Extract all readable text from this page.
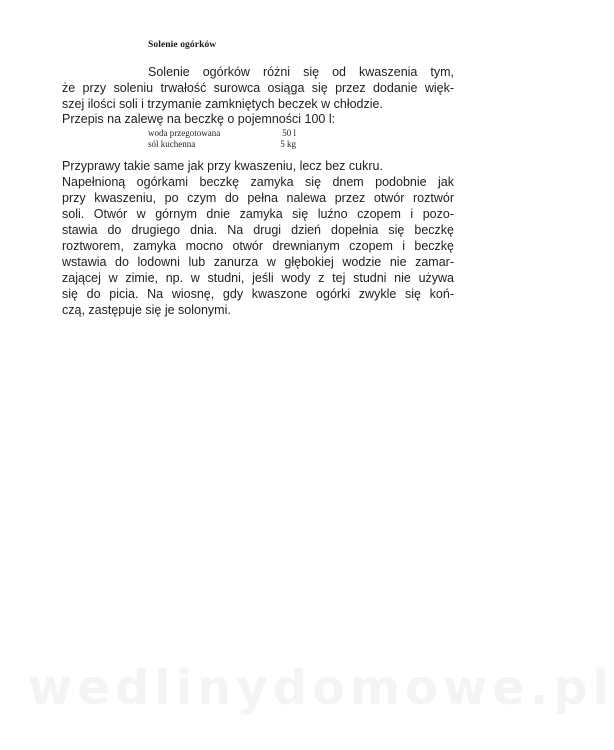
Solenie ogórków
Solenie ogórków różni się od kwaszenia tym,
że przy soleniu trwałość surowca osiąga się przez dodanie więk-
szej ilości soli i trzymanie zamkniętych beczek w chłodzie.
Przepis na zalewę na beczkę o pojemności 100 l:
woda przegotowana	50 l
sól kuchenna	5 kg
Przyprawy takie same jak przy kwaszeniu, lecz bez cukru.
Napełnioną ogórkami beczkę zamyka się dnem podobnie jak
przy kwaszeniu, po czym do pełna nalewa przez otwór roztwór
soli. Otwór w górnym dnie zamyka się luźno czopem i pozo-
stawia do drugiego dnia. Na drugi dzień dopełnia się beczkę
roztworem, zamyka mocno otwór drewnianym czopem i beczkę
wstawia do lodowni lub zanurza w głębokiej wodzie nie zamar-
zającej w zimie, np. w studni, jeśli wody z tej studni nie używa
się do picia. Na wiosnę, gdy kwaszone ogórki zwykle się koń-
czą, zastępuje się je solonymi.
wedlinydomowe.pl
